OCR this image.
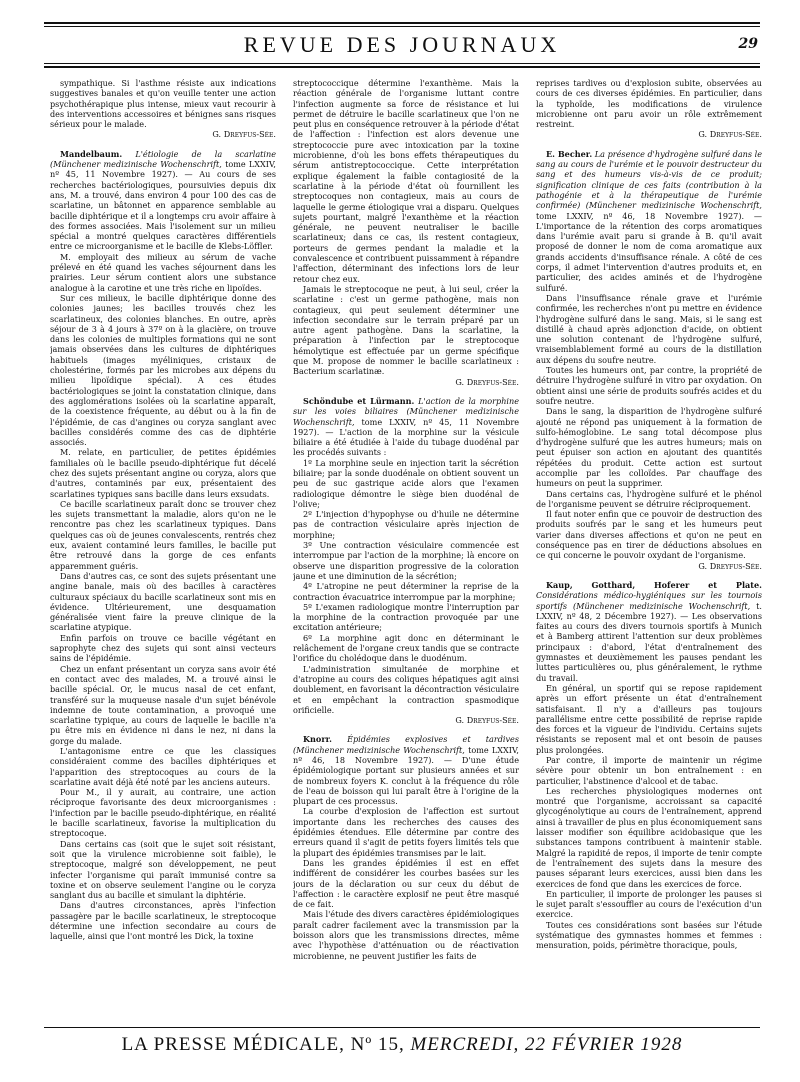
REVUE DES JOURNAUX	29

sympathique. Si l'asthme résiste aux indications suggestives banales et qu'on veuille tenter une action psychothérapique plus intense, mieux vaut recourir à des interventions accessoires et bénignes sans risques sérieux pour le malade.

G. Dreyfus-Sée.

Mandelbaum. L'étiologie de la scarlatine (Münchener medizinische Wochenschrift, tome LXXIV, nº 45, 11 Novembre 1927). — Au cours de ses recherches bactériologiques, poursuivies depuis dix ans, M. a trouvé, dans environ 4 pour 100 des cas de scarlatine, un bâtonnet en apparence semblable au bacille diphtérique et il a longtemps cru avoir affaire à des formes associées. Mais l'isolement sur un milieu spécial a montré quelques caractères différentiels entre ce microorganisme et le bacille de Klebs-Löffler.

M. employait des milieux au sérum de vache prélevé en été quand les vaches séjournent dans les prairies. Leur sérum contient alors une substance analogue à la carotine et une très riche en lipoïdes.

Sur ces milieux, le bacille diphtérique donne des colonies jaunes; les bacilles trouvés chez les scarlatineux, des colonies blanches. En outre, après séjour de 3 à 4 jours à 37º on à la glacière, on trouve dans les colonies de multiples formations qui ne sont jamais observées dans les cultures de diphtériques habituels (images myéliniques, cristaux de cholestérine, formés par les microbes aux dépens du milieu lipoïdique spécial). A ces études bactériologiques se joint la constatation clinique, dans des agglomérations isolées où la scarlatine apparaît, de la coexistence fréquente, au début ou à la fin de l'épidémie, de cas d'angines ou coryza sanglant avec bacilles considérés comme des cas de diphtérie associés.

M. relate, en particulier, de petites épidémies familiales où le bacille pseudo-diphtérique fut décelé chez des sujets présentant angine ou coryza, alors que d'autres, contaminés par eux, présentaient des scarlatines typiques sans bacille dans leurs exsudats.

Ce bacille scarlatineux paraît donc se trouver chez les sujets transmettant la maladie, alors qu'on ne le rencontre pas chez les scarlatineux typiques. Dans quelques cas où de jeunes convalescents, rentrés chez eux, avaient contaminé leurs familles, le bacille put être retrouvé dans la gorge de ces enfants apparemment guéris.

Dans d'autres cas, ce sont des sujets présentant une angine banale, mais où des bacilles à caractères culturaux spéciaux du bacille scarlatineux sont mis en évidence. Ultérieurement, une desquamation généralisée vient faire la preuve clinique de la scarlatine atypique.

Enfin parfois on trouve ce bacille végétant en saprophyte chez des sujets qui sont ainsi vecteurs sains de l'épidémie.

Chez un enfant présentant un coryza sans avoir été en contact avec des malades, M. a trouvé ainsi le bacille spécial. Or, le mucus nasal de cet enfant, transféré sur la muqueuse nasale d'un sujet bénévole indemne de toute contamination, a provoqué une scarlatine typique, au cours de laquelle le bacille n'a pu être mis en évidence ni dans le nez, ni dans la gorge du malade.

L'antagonisme entre ce que les classiques considéraient comme des bacilles diphtériques et l'apparition des streptocoques au cours de la scarlatine avait déjà été noté par les anciens auteurs.

Pour M., il y aurait, au contraire, une action réciproque favorisante des deux microorganismes : l'infection par le bacille pseudo-diphtérique, en réalité le bacille scarlatineux, favorise la multiplication du streptocoque.

Dans certains cas (soit que le sujet soit résistant, soit que la virulence microbienne soit faible), le streptocoque, malgré son développement, ne peut infecter l'organisme qui paraît immunisé contre sa toxine et on observe seulement l'angine ou le coryza sanglant dus au bacille et simulant la diphtérie.

Dans d'autres circonstances, après l'infection passagère par le bacille scarlatineux, le streptocoque détermine une infection secondaire au cours de laquelle, ainsi que l'ont montré les Dick, la toxine

streptococcique détermine l'exanthème. Mais la réaction générale de l'organisme luttant contre l'infection augmente sa force de résistance et lui permet de détruire le bacille scarlatineux que l'on ne peut plus en conséquence retrouver à la période d'état de l'affection : l'infection est alors devenue une streptococcie pure avec intoxication par la toxine microbienne, d'où les bons effets thérapeutiques du sérum antistreptococcique. Cette interprétation explique également la faible contagiosité de la scarlatine à la période d'état où fournillent les streptocoques non contagieux, mais au cours de laquelle le germe étiologique vrai a disparu. Quelques sujets pourtant, malgré l'exanthème et la réaction générale, ne peuvent neutraliser le bacille scarlatineux; dans ce cas, ils restent contagieux, porteurs de germes pendant la maladie et la convalescence et contribuent puissamment à répandre l'affection, déterminant des infections lors de leur retour chez eux.

Jamais le streptocoque ne peut, à lui seul, créer la scarlatine : c'est un germe pathogène, mais non contagieux, qui peut seulement déterminer une infection secondaire sur le terrain préparé par un autre agent pathogène. Dans la scarlatine, la préparation à l'infection par le streptocoque hémolytique est effectuée par un germe spécifique que M. propose de nommer le bacille scarlatineux : Bacterium scarlatinæ.

G. Dreyfus-Sée.

Schöndube et Lürmann. L'action de la morphine sur les voies biliaires (Münchener medizinische Wochenschrift, tome LXXIV, nº 45, 11 Novembre 1927). — L'action de la morphine sur la vésicule biliaire a été étudiée à l'aide du tubage duodénal par les procédés suivants :

1º La morphine seule en injection tarit la sécrétion biliaire; par la sonde duodénale on obtient souvent un peu de suc gastrique acide alors que l'examen radiologique démontre le siège bien duodénal de l'olive;

2º L'injection d'hypophyse ou d'huile ne détermine pas de contraction vésiculaire après injection de morphine;

3º Une contraction vésiculaire commencée est interrompue par l'action de la morphine; là encore on observe une disparition progressive de la coloration jaune et une diminution de la sécrétion;

4º L'atropine ne peut déterminer la reprise de la contraction évacuatrice interrompue par la morphine;

5º L'examen radiologique montre l'interruption par la morphine de la contraction provoquée par une excitation antérieure;

6º La morphine agit donc en déterminant le relâchement de l'organe creux tandis que se contracte l'orifice du cholédoque dans le duodénum.

L'administration simultanée de morphine et d'atropine au cours des coliques hépatiques agit ainsi doublement, en favorisant la décontraction vésiculaire et en empêchant la contraction spasmodique orificielle.

G. Dreyfus-Sée.

Knorr. Épidémies explosives et tardives (Münchener medizinische Wochenschrift, tome LXXIV, nº 46, 18 Novembre 1927). — D'une étude épidémiologique portant sur plusieurs années et sur de nombreux foyers K. conclut à la fréquence du rôle de l'eau de boisson qui lui paraît être à l'origine de la plupart de ces processus.

La courbe d'explosion de l'affection est surtout importante dans les recherches des causes des épidémies étendues. Elle détermine par contre des erreurs quand il s'agit de petits foyers limités tels que la plupart des épidémies transmises par le lait.

Dans les grandes épidémies il est en effet indifférent de considérer les courbes basées sur les jours de la déclaration ou sur ceux du début de l'affection : le caractère explosif ne peut être masqué de ce fait.

Mais l'étude des divers caractères épidémiologiques paraît cadrer facilement avec la transmission par la boisson alors que les transmissions directes, même avec l'hypothèse d'atténuation ou de réactivation microbienne, ne peuvent justifier les faits de

reprises tardives ou d'explosion subite, observées au cours de ces diverses épidémies. En particulier, dans la typhoïde, les modifications de virulence microbienne ont paru avoir un rôle extrêmement restreint.

G. Dreyfus-Sée.

E. Becher. La présence d'hydrogène sulfuré dans le sang au cours de l'urémie et le pouvoir destructeur du sang et des humeurs vis-à-vis de ce produit; signification clinique de ces faits (contribution à la pathogénie et à la thérapeutique de l'urémie confirmée) (Münchener medizinische Wochenschrift, tome LXXIV, nº 46, 18 Novembre 1927). — L'importance de la rétention des corps aromatiques dans l'urémie avait paru si grande à B. qu'il avait proposé de donner le nom de coma aromatique aux grands accidents d'insuffisance rénale. A côté de ces corps, il admet l'intervention d'autres produits et, en particulier, des acides aminés et de l'hydrogène sulfuré.

Dans l'insuffisance rénale grave et l'urémie confirmée, les recherches n'ont pu mettre en évidence l'hydrogène sulfuré dans le sang. Mais, si le sang est distillé à chaud après adjonction d'acide, on obtient une solution contenant de l'hydrogène sulfuré, vraisemblablement formé au cours de la distillation aux dépens du soufre neutre.

Toutes les humeurs ont, par contre, la propriété de détruire l'hydrogène sulfuré in vitro par oxydation. On obtient ainsi une série de produits soufrés acides et du soufre neutre.

Dans le sang, la disparition de l'hydrogène sulfuré ajouté ne répond pas uniquement à la formation de sulfo-hémoglobine. Le sang total décompose plus d'hydrogène sulfuré que les autres humeurs; mais on peut épuiser son action en ajoutant des quantités répétées du produit. Cette action est surtout accomplie par les colloïdes. Par chauffage des humeurs on peut la supprimer.

Dans certains cas, l'hydrogène sulfuré et le phénol de l'organisme peuvent se détruire réciproquement.

Il faut noter enfin que ce pouvoir de destruction des produits soufrés par le sang et les humeurs peut varier dans diverses affections et qu'on ne peut en conséquence pas en tirer de déductions absolues en ce qui concerne le pouvoir oxydant de l'organisme.

G. Dreyfus-Sée.

Kaup, Gotthard, Hoferer et Plate. Considérations médico-hygiéniques sur les tournois sportifs (Münchener medizinische Wochenschrift, t. LXXIV, nº 48, 2 Décembre 1927). — Les observations faites au cours des divers tournois sportifs à Munich et à Bamberg attirent l'attention sur deux problèmes principaux : d'abord, l'état d'entraînement des gymnastes et deuxièmement les pauses pendant les luttes particulières ou, plus généralement, le rythme du travail.

En général, un sportif qui se repose rapidement après un effort présente un état d'entraînement satisfaisant. Il n'y a d'ailleurs pas toujours parallélisme entre cette possibilité de reprise rapide des forces et la vigueur de l'individu. Certains sujets résistants se reposent mal et ont besoin de pauses plus prolongées.

Par contre, il importe de maintenir un régime sévère pour obtenir un bon entraînement : en particulier, l'abstinence d'alcool et de tabac.

Les recherches physiologiques modernes ont montré que l'organisme, accroissant sa capacité glycogénolytique au cours de l'entraînement, apprend ainsi à travailler de plus en plus économiquement sans laisser modifier son équilibre acidobasique que les substances tampons contribuent à maintenir stable. Malgré la rapidité de repos, il importe de tenir compte de l'entraînement des sujets dans la mesure des pauses séparant leurs exercices, aussi bien dans les exercices de fond que dans les exercices de force.

En particulier, il importe de prolonger les pauses si le sujet paraît s'essouffler au cours de l'exécution d'un exercice.

Toutes ces considérations sont basées sur l'étude systématique des gymnastes hommes et femmes : mensuration, poids, périmètre thoracique, pouls,

LA PRESSE MÉDICALE, Nº 15, MERCREDI, 22 FÉVRIER 1928
